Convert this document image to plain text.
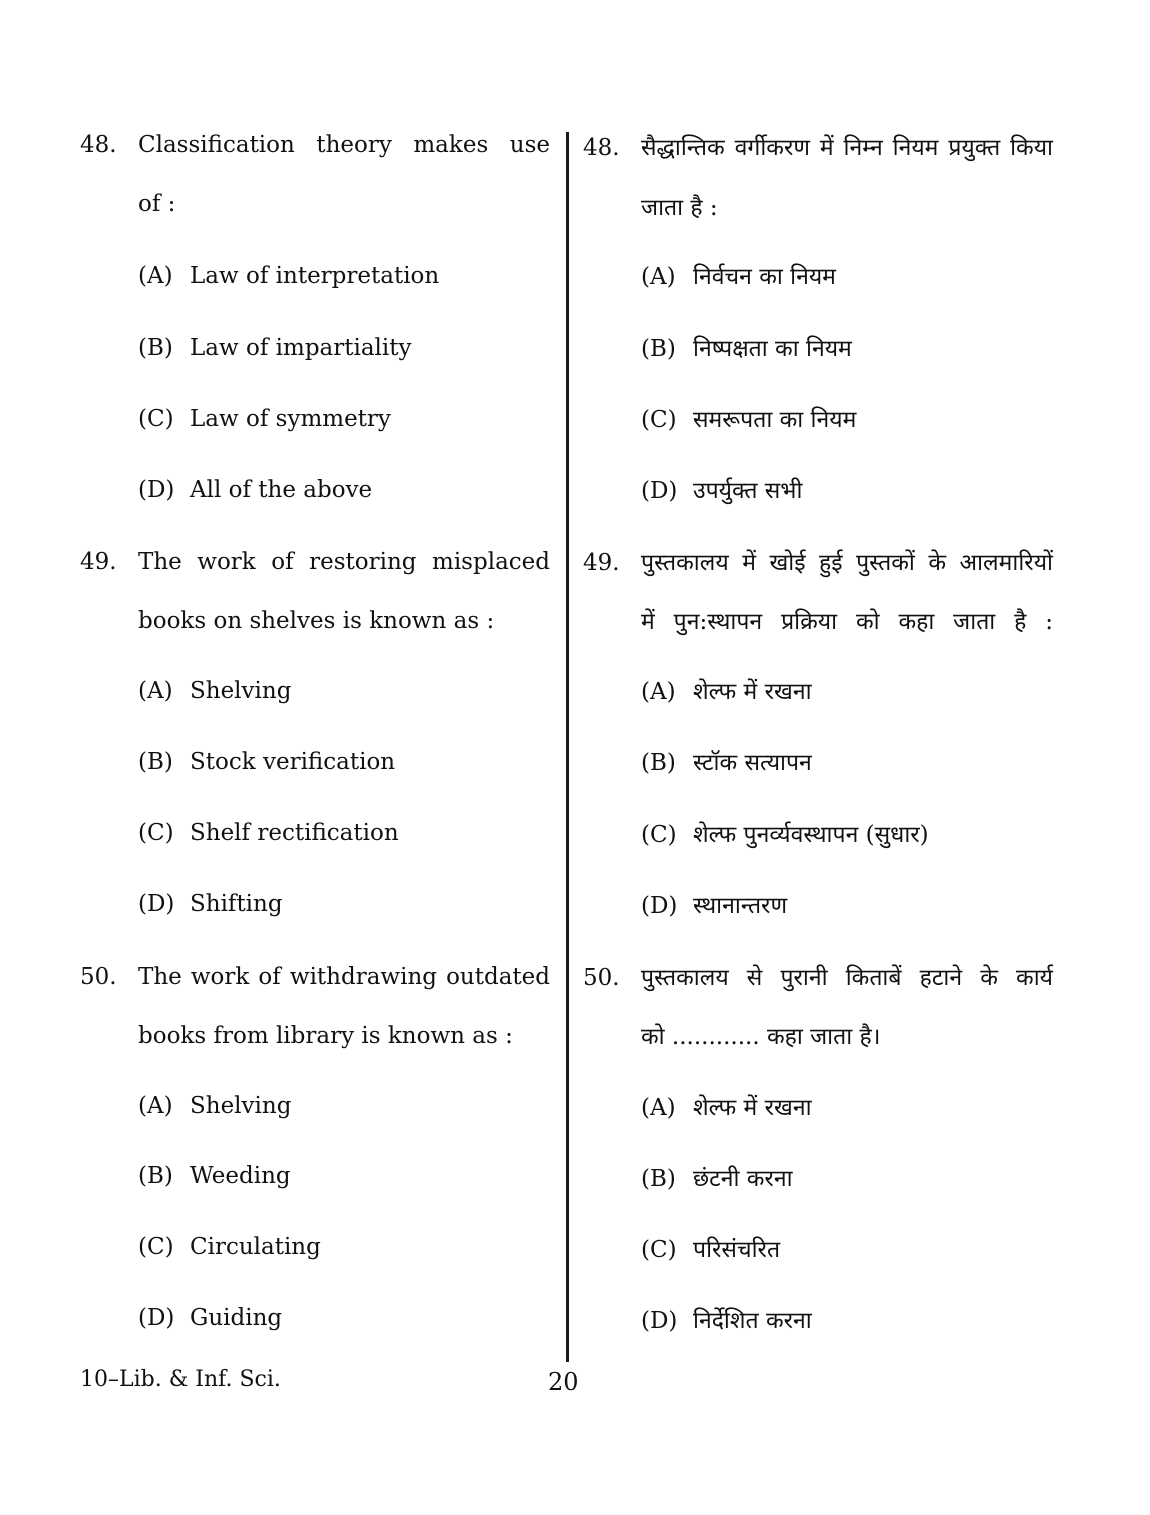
48. Classification theory makes use
of :
(A) Law of interpretation
(B) Law of impartiality
(C) Law of symmetry
(D) All of the above
49. The work of restoring misplaced
books on shelves is known as :
(A) Shelving
(B) Stock verification
(C) Shelf rectification
(D) Shifting
50. The work of withdrawing outdated
books from library is known as :
(A) Shelving
(B) Weeding
(C) Circulating
(D) Guiding
48. सैद्धान्तिक वर्गीकरण में निम्न नियम प्रयुक्त किया
जाता है :
(A) निर्वचन का नियम
(B) निष्पक्षता का नियम
(C) समरूपता का नियम
(D) उपर्युक्त सभी
49. पुस्तकालय में खोई हुई पुस्तकों के आलमारियों
में पुन:स्थापन प्रक्रिया को कहा जाता है :
(A) शेल्फ में रखना
(B) स्टॉक सत्यापन
(C) शेल्फ पुनर्व्यवस्थापन (सुधार)
(D) स्थानान्तरण
50. पुस्तकालय से पुरानी किताबें हटाने के कार्य
को ............ कहा जाता है।
(A) शेल्फ में रखना
(B) छंटनी करना
(C) परिसंचरित
(D) निर्देशित करना
10–Lib. & Inf. Sci.	20
